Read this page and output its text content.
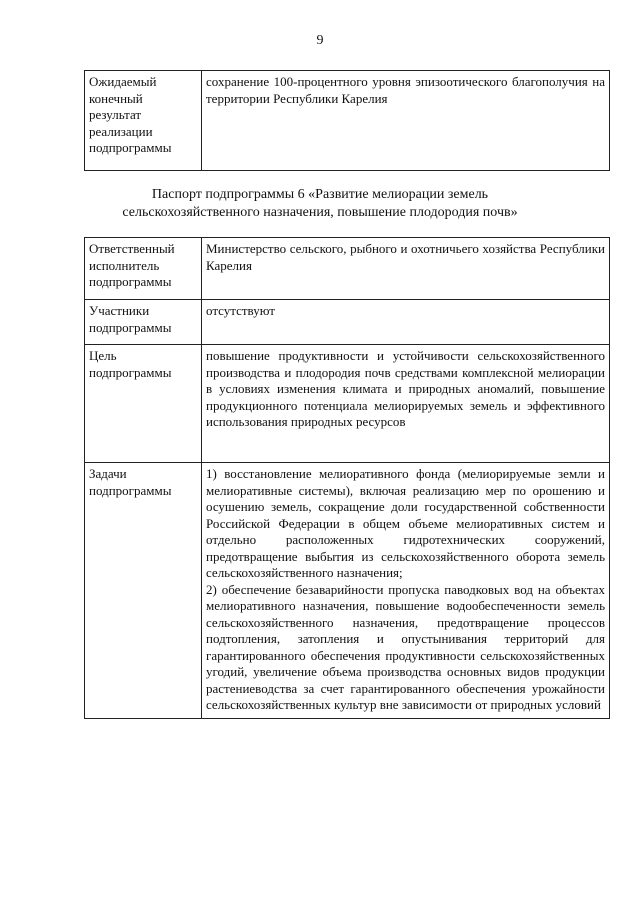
9
Ожидаемый конечный результат реализации подпрограммы	сохранение 100-процентного уровня эпизоотического благополучия на территории Республики Карелия
Паспорт подпрограммы 6 «Развитие мелиорации земель
сельскохозяйственного назначения, повышение плодородия почв»
Ответственный исполнитель подпрограммы	Министерство сельского, рыбного и охотничьего хозяйства Республики Карелия
Участники подпрограммы	отсутствуют
Цель подпрограммы	повышение продуктивности и устойчивости сельскохозяйственного производства и плодородия почв средствами комплексной мелиорации в условиях изменения климата и природных аномалий, повышение продукционного потенциала мелиорируемых земель и эффективного использования природных ресурсов
Задачи подпрограммы	1) восстановление мелиоративного фонда (мелиорируемые земли и мелиоративные системы), включая реализацию мер по орошению и осушению земель, сокращение доли государственной собственности Российской Федерации в общем объеме мелиоративных систем и отдельно расположенных гидротехнических сооружений, предотвращение выбытия из сельскохозяйственного оборота земель сельскохозяйственного назначения;

2) обеспечение безаварийности пропуска паводковых вод на объектах мелиоративного назначения, повышение водообеспеченности земель сельскохозяйственного назначения, предотвращение процессов подтопления, затопления и опустынивания территорий для гарантированного обеспечения продуктивности сельскохозяйственных угодий, увеличение объема производства основных видов продукции растениеводства за счет гарантированного обеспечения урожайности сельскохозяйственных культур вне зависимости от природных условий
